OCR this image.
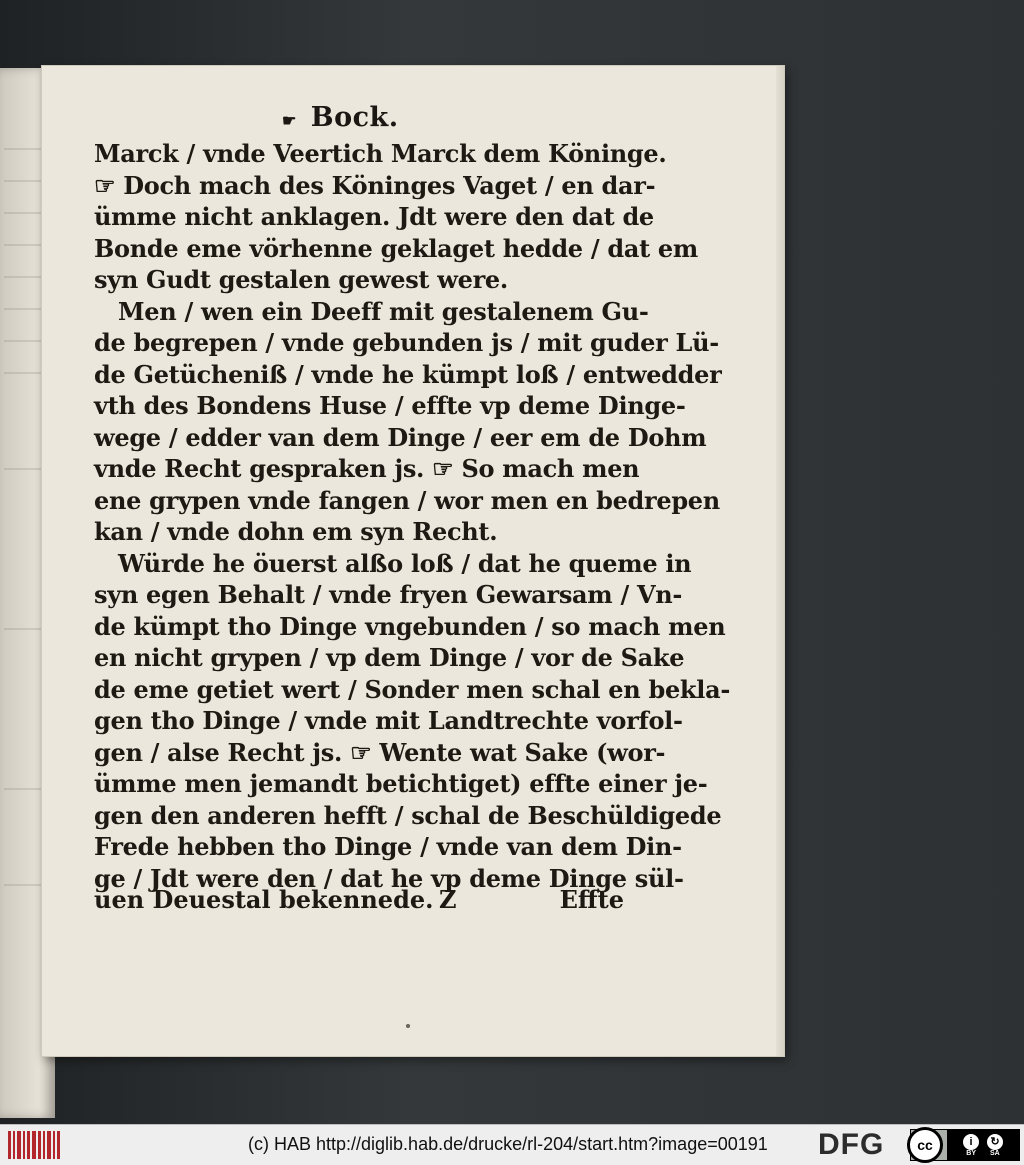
☛ Bock.
Marck / vnde Veertich Marck dem Köninge.
☞ Doch mach des Köninges Vaget / en dar-
ümme nicht anklagen. Jdt were den dat de
Bonde eme vörhenne geklaget hedde / dat em
syn Gudt gestalen gewest were.
Men / wen ein Deeff mit gestalenem Gu-
de begrepen / vnde gebunden js / mit guder Lü-
de Getücheniß / vnde he kümpt loß / entwedder
vth des Bondens Huse / effte vp deme Dinge-
wege / edder van dem Dinge / eer em de Dohm
vnde Recht gespraken js. ☞ So mach men
ene grypen vnde fangen / wor men en bedrepen
kan / vnde dohn em syn Recht.
Würde he öuerst alßo loß / dat he queme in
syn egen Behalt / vnde fryen Gewarsam / Vn-
de kümpt tho Dinge vngebunden / so mach men
en nicht grypen / vp dem Dinge / vor de Sake
de eme getiet wert / Sonder men schal en bekla-
gen tho Dinge / vnde mit Landtrechte vorfol-
gen / alse Recht js. ☞ Wente wat Sake (wor-
ümme men jemandt betichtiget) effte einer je-
gen den anderen hefft / schal de Beschüldigede
Frede hebben tho Dinge / vnde van dem Din-
ge / Jdt were den / dat he vp deme Dinge sül-
uen Deuestal bekennede. Z	Effte
(c) HAB http://diglib.hab.de/drucke/rl-204/start.htm?image=00191 DFG	cc	i	↻
BY SA
